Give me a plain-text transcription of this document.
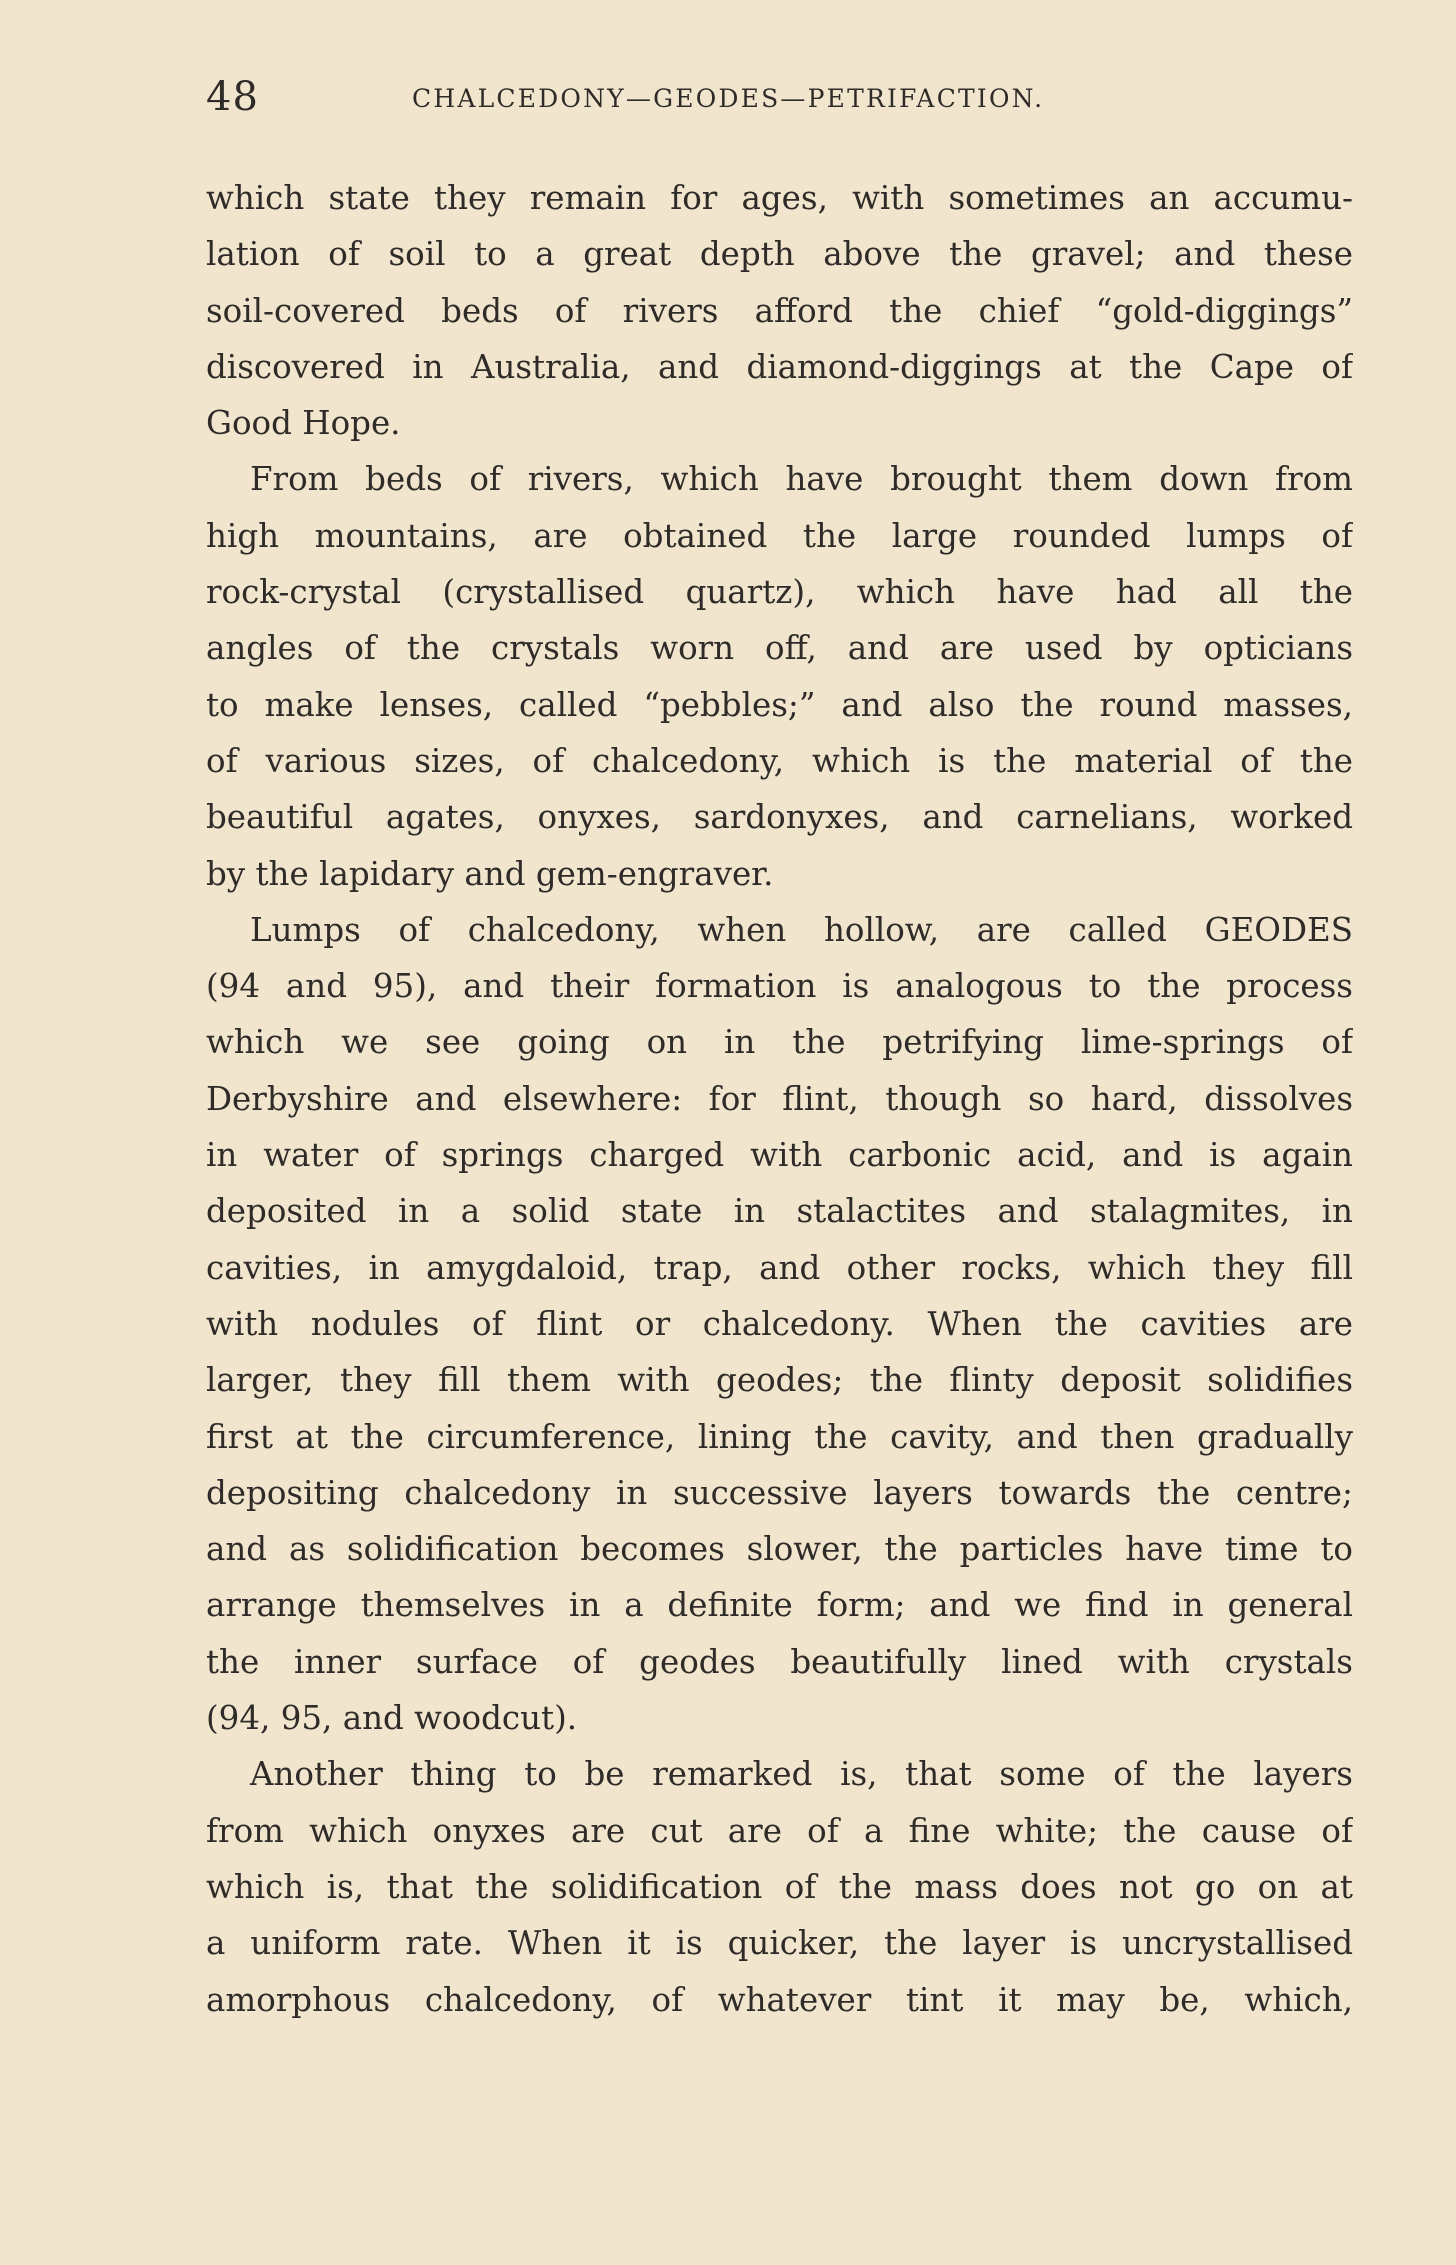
48	CHALCEDONY—GEODES—PETRIFACTION.
which state they remain for ages, with sometimes an accumu-
lation of soil to a great depth above the gravel; and these
soil-covered beds of rivers afford the chief “gold-diggings”
discovered in Australia, and diamond-diggings at the Cape of
Good Hope.
From beds of rivers, which have brought them down from
high mountains, are obtained the large rounded lumps of
rock-crystal (crystallised quartz), which have had all the
angles of the crystals worn off, and are used by opticians
to make lenses, called “pebbles;” and also the round masses,
of various sizes, of chalcedony, which is the material of the
beautiful agates, onyxes, sardonyxes, and carnelians, worked
by the lapidary and gem-engraver.
Lumps of chalcedony, when hollow, are called GEODES
(94 and 95), and their formation is analogous to the process
which we see going on in the petrifying lime-springs of
Derbyshire and elsewhere: for flint, though so hard, dissolves
in water of springs charged with carbonic acid, and is again
deposited in a solid state in stalactites and stalagmites, in
cavities, in amygdaloid, trap, and other rocks, which they fill
with nodules of flint or chalcedony. When the cavities are
larger, they fill them with geodes; the flinty deposit solidifies
first at the circumference, lining the cavity, and then gradually
depositing chalcedony in successive layers towards the centre;
and as solidification becomes slower, the particles have time to
arrange themselves in a definite form; and we find in general
the inner surface of geodes beautifully lined with crystals
(94, 95, and woodcut).
Another thing to be remarked is, that some of the layers
from which onyxes are cut are of a fine white; the cause of
which is, that the solidification of the mass does not go on at
a uniform rate. When it is quicker, the layer is uncrystallised
amorphous chalcedony, of whatever tint it may be, which,
